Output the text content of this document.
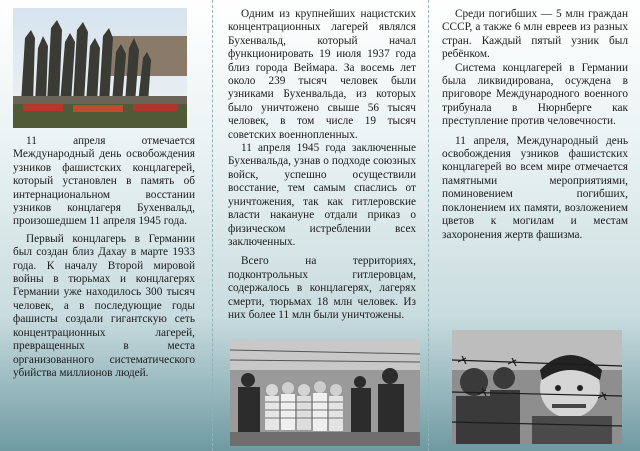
11 апреля отмечается Международный день освобождения узников фашистских концлагерей, который установлен в память об интернациональном восстании узников концлагеря Бухенвальд, произошедшем 11 апреля 1945 года.

Первый концлагерь в Германии был создан близ Дахау в марте 1933 года. К началу Второй мировой войны в тюрьмах и концлагерях Германии уже находилось 300 тысяч человек, а в последующие годы фашисты создали гигантскую сеть концентрационных лагерей, превращенных в места организованного систематического убийства миллионов людей.

Одним из крупнейших нацистских концентрационных лагерей являлся Бухенвальд, который начал функционировать 19 июля 1937 года близ города Веймара. За восемь лет около 239 тысяч человек были узниками Бухенвальда, из которых было уничтожено свыше 56 тысяч человек, в том числе 19 тысяч советских военнопленных.

11 апреля 1945 года заключенные Бухенвальда, узнав о подходе союзных войск, успешно осуществили восстание, тем самым спаслись от уничтожения, так как гитлеровские власти накануне отдали приказ о физическом истреблении всех заключенных.

Всего на территориях, подконтрольных гитлеровцам, содержалось в концлагерях, лагерях смерти, тюрьмах 18 млн человек. Из них более 11 млн были уничтожены.

Среди погибших — 5 млн граждан СССР, а также 6 млн евреев из разных стран. Каждый пятый узник был ребёнком.

Система концлагерей в Германии была ликвидирована, осуждена в приговоре Международного военного трибунала в Нюрнберге как преступление против человечности.

11 апреля, Международный день освобождения узников фашистских концлагерей во всем мире отмечается памятными мероприятиями, поминовением погибших, поклонением их памяти, возложением цветов к могилам и местам захоронения жертв фашизма.
